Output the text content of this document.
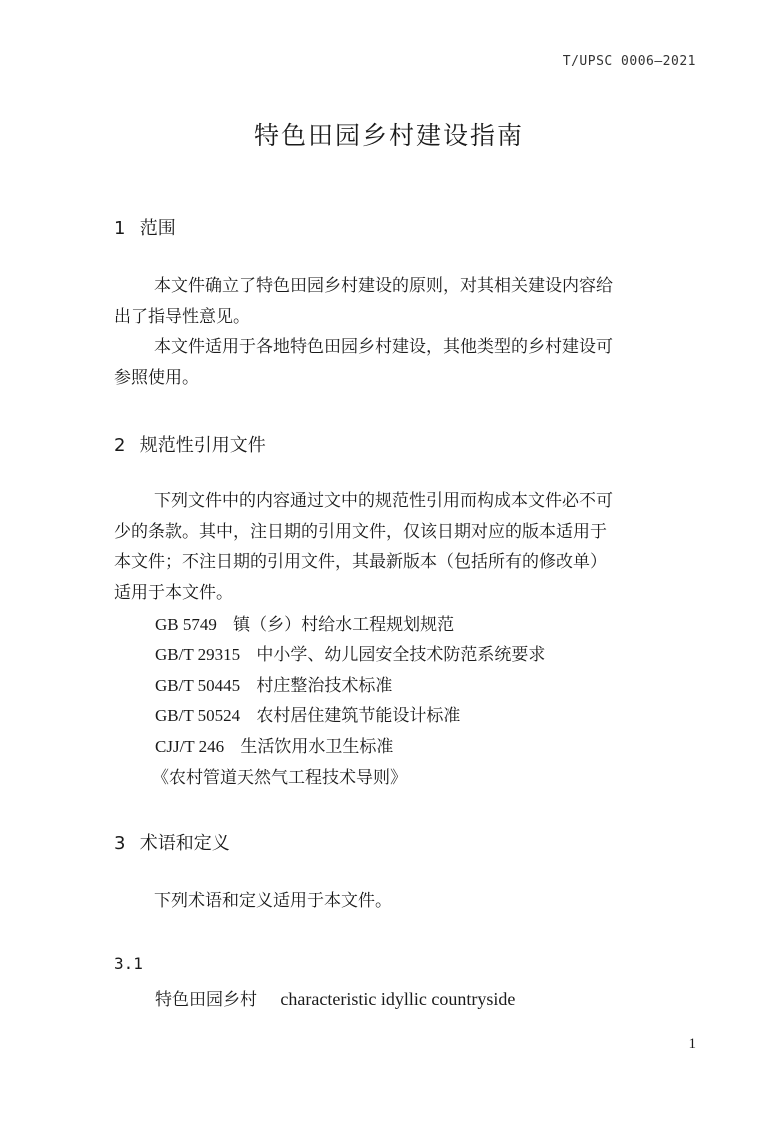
T/UPSC 0006—2021
特色田园乡村建设指南
1 范围
本文件确立了特色田园乡村建设的原则，对其相关建设内容给
出了指导性意见。
本文件适用于各地特色田园乡村建设，其他类型的乡村建设可
参照使用。
2 规范性引用文件
下列文件中的内容通过文中的规范性引用而构成本文件必不可
少的条款。其中，注日期的引用文件，仅该日期对应的版本适用于
本文件；不注日期的引用文件，其最新版本（包括所有的修改单）
适用于本文件。
GB 5749 镇（乡）村给水工程规划规范
GB/T 29315 中小学、幼儿园安全技术防范系统要求
GB/T 50445 村庄整治技术标准
GB/T 50524 农村居住建筑节能设计标准
CJJ/T 246 生活饮用水卫生标准
《农村管道天然气工程技术导则》
3 术语和定义
下列术语和定义适用于本文件。
3.1
特色田园乡村 characteristic idyllic countryside
1
